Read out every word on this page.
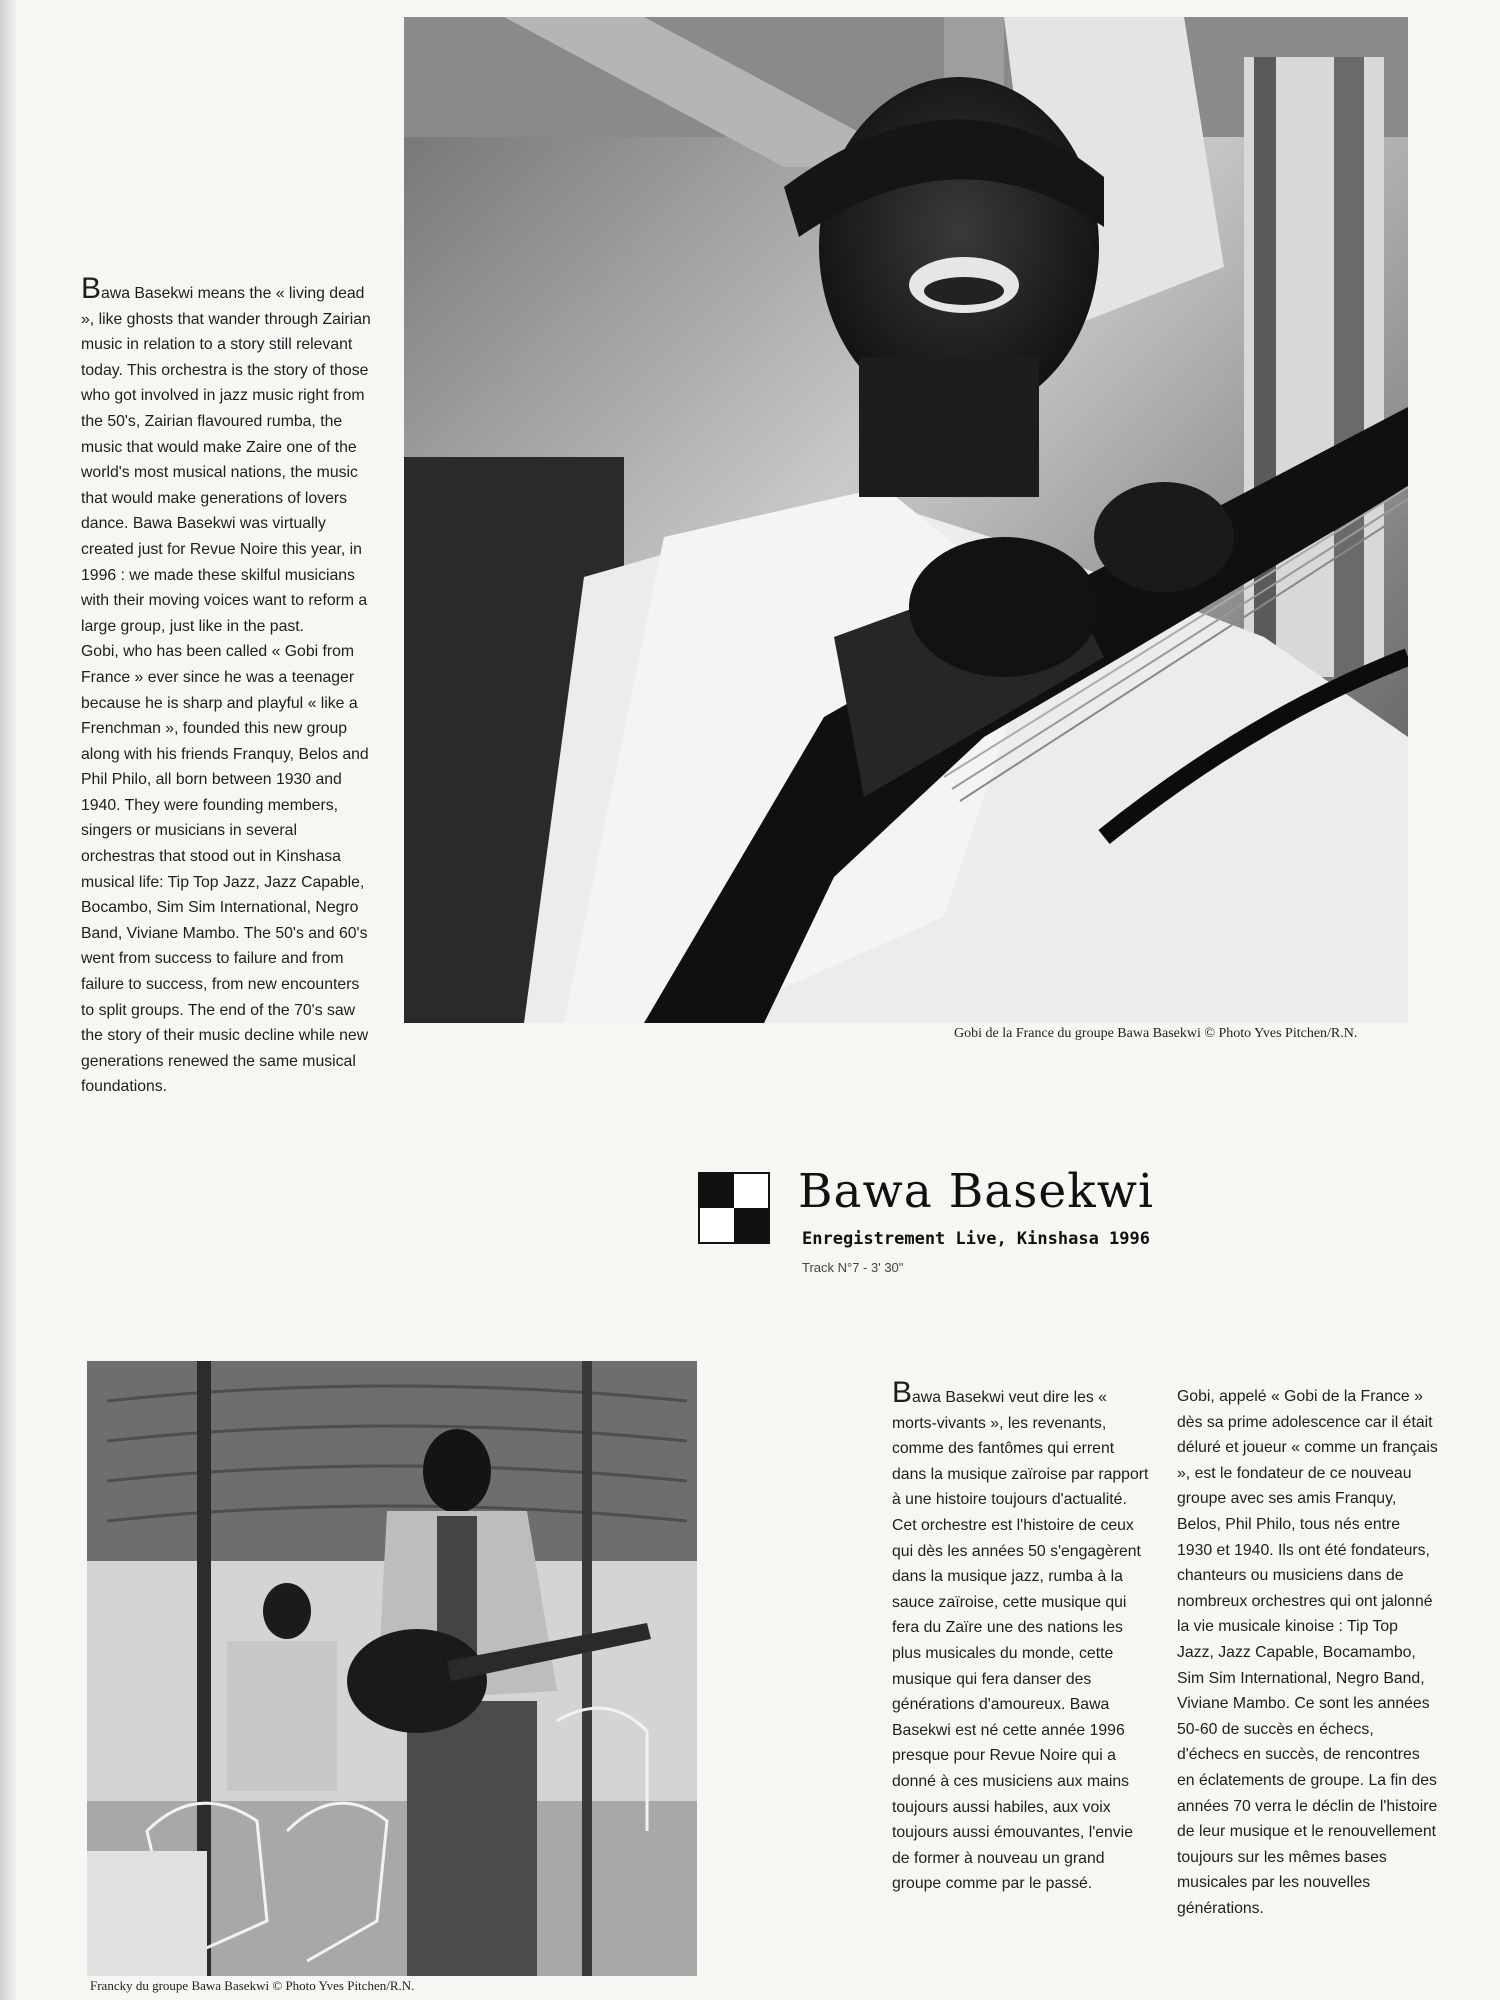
Gobi de la France du groupe Bawa Basekwi © Photo Yves Pitchen/R.N.

Bawa Basekwi means the « living dead », like ghosts that wander through Zairian music in relation to a story still relevant today. This orchestra is the story of those who got involved in jazz music right from the 50's, Zairian flavoured rumba, the music that would make Zaire one of the world's most musical nations, the music that would make generations of lovers dance. Bawa Basekwi was virtually created just for Revue Noire this year, in 1996 : we made these skilful musicians with their moving voices want to reform a large group, just like in the past.

Gobi, who has been called « Gobi from France » ever since he was a teenager because he is sharp and playful « like a Frenchman », founded this new group along with his friends Franquy, Belos and Phil Philo, all born between 1930 and 1940. They were founding members, singers or musicians in several orchestras that stood out in Kinshasa musical life: Tip Top Jazz, Jazz Capable, Bocambo, Sim Sim International, Negro Band, Viviane Mambo. The 50's and 60's went from success to failure and from failure to success, from new encounters to split groups. The end of the 70's saw the story of their music decline while new generations renewed the same musical foundations.

Bawa Basekwi
Enregistrement Live, Kinshasa 1996
Track N°7 - 3' 30"
Francky du groupe Bawa Basekwi © Photo Yves Pitchen/R.N.

Bawa Basekwi veut dire les « morts-vivants », les revenants, comme des fantômes qui errent dans la musique zaïroise par rapport à une histoire toujours d'actualité. Cet orchestre est l'histoire de ceux qui dès les années 50 s'engagèrent dans la musique jazz, rumba à la sauce zaïroise, cette musique qui fera du Zaïre une des nations les plus musicales du monde, cette musique qui fera danser des générations d'amoureux. Bawa Basekwi est né cette année 1996 presque pour Revue Noire qui a donné à ces musiciens aux mains toujours aussi habiles, aux voix toujours aussi émouvantes, l'envie de former à nouveau un grand groupe comme par le passé.

Gobi, appelé « Gobi de la France » dès sa prime adolescence car il était déluré et joueur « comme un français », est le fondateur de ce nouveau groupe avec ses amis Franquy, Belos, Phil Philo, tous nés entre 1930 et 1940. Ils ont été fondateurs, chanteurs ou musiciens dans de nombreux orchestres qui ont jalonné la vie musicale kinoise : Tip Top Jazz, Jazz Capable, Bocamambo, Sim Sim International, Negro Band, Viviane Mambo. Ce sont les années 50-60 de succès en échecs, d'échecs en succès, de rencontres en éclatements de groupe. La fin des années 70 verra le déclin de l'histoire de leur musique et le renouvellement toujours sur les mêmes bases musicales par les nouvelles générations.
